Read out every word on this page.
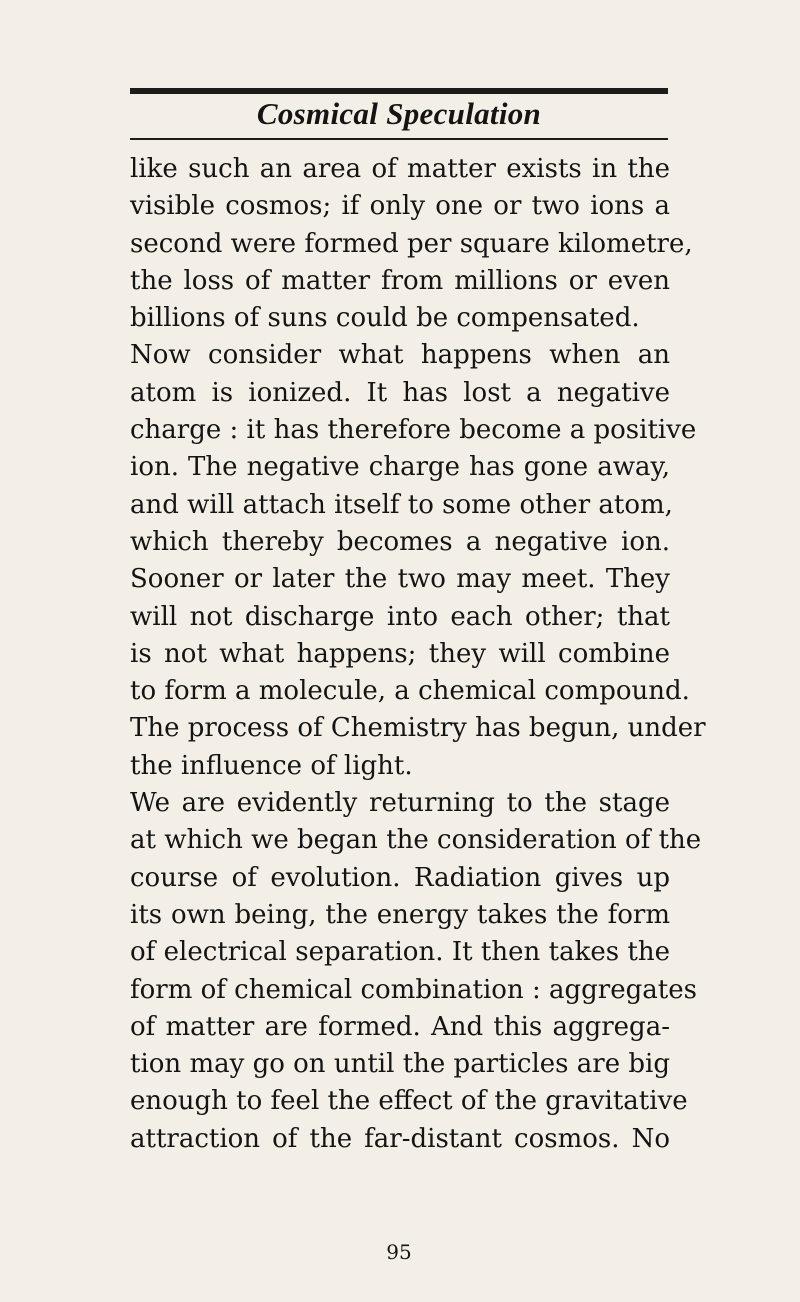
Cosmical Speculation
like such an area of matter exists in the
visible cosmos; if only one or two ions a
second were formed per square kilometre,
the loss of matter from millions or even
billions of suns could be compensated.
Now consider what happens when an
atom is ionized. It has lost a negative
charge : it has therefore become a positive
ion. The negative charge has gone away,
and will attach itself to some other atom,
which thereby becomes a negative ion.
Sooner or later the two may meet. They
will not discharge into each other; that
is not what happens; they will combine
to form a molecule, a chemical compound.
The process of Chemistry has begun, under
the influence of light.
We are evidently returning to the stage
at which we began the consideration of the
course of evolution. Radiation gives up
its own being, the energy takes the form
of electrical separation. It then takes the
form of chemical combination : aggregates
of matter are formed. And this aggrega-
tion may go on until the particles are big
enough to feel the effect of the gravitative
attraction of the far-distant cosmos. No
95
